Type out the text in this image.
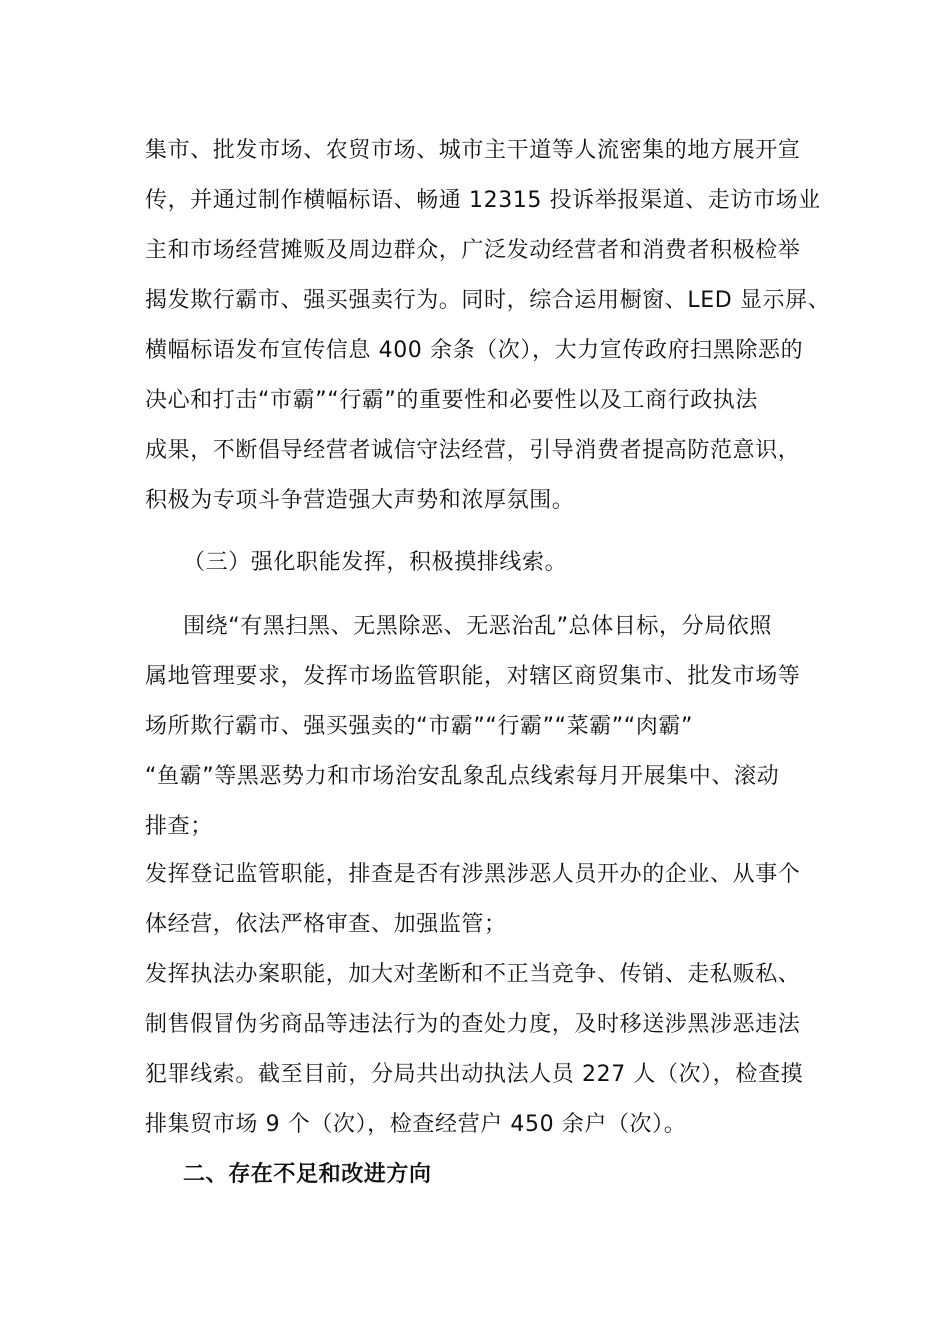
集市、批发市场、农贸市场、城市主干道等人流密集的地方展开宣
传，并通过制作横幅标语、畅通 12315 投诉举报渠道、走访市场业
主和市场经营摊贩及周边群众，广泛发动经营者和消费者积极检举
揭发欺行霸市、强买强卖行为。同时，综合运用橱窗、LED 显示屏、
横幅标语发布宣传信息 400 余条（次），大力宣传政府扫黑除恶的
决心和打击“市霸”“行霸”的重要性和必要性以及工商行政执法
成果，不断倡导经营者诚信守法经营，引导消费者提高防范意识，
积极为专项斗争营造强大声势和浓厚氛围。
（三）强化职能发挥，积极摸排线索。
围绕“有黑扫黑、无黑除恶、无恶治乱”总体目标，分局依照
属地管理要求，发挥市场监管职能，对辖区商贸集市、批发市场等
场所欺行霸市、强买强卖的“市霸”“行霸”“菜霸”“肉霸”
“鱼霸”等黑恶势力和市场治安乱象乱点线索每月开展集中、滚动
排查；
发挥登记监管职能，排查是否有涉黑涉恶人员开办的企业、从事个
体经营，依法严格审查、加强监管；
发挥执法办案职能，加大对垄断和不正当竞争、传销、走私贩私、
制售假冒伪劣商品等违法行为的查处力度，及时移送涉黑涉恶违法
犯罪线索。截至目前，分局共出动执法人员 227 人（次），检查摸
排集贸市场 9 个（次），检查经营户 450 余户（次）。
二、存在不足和改进方向
